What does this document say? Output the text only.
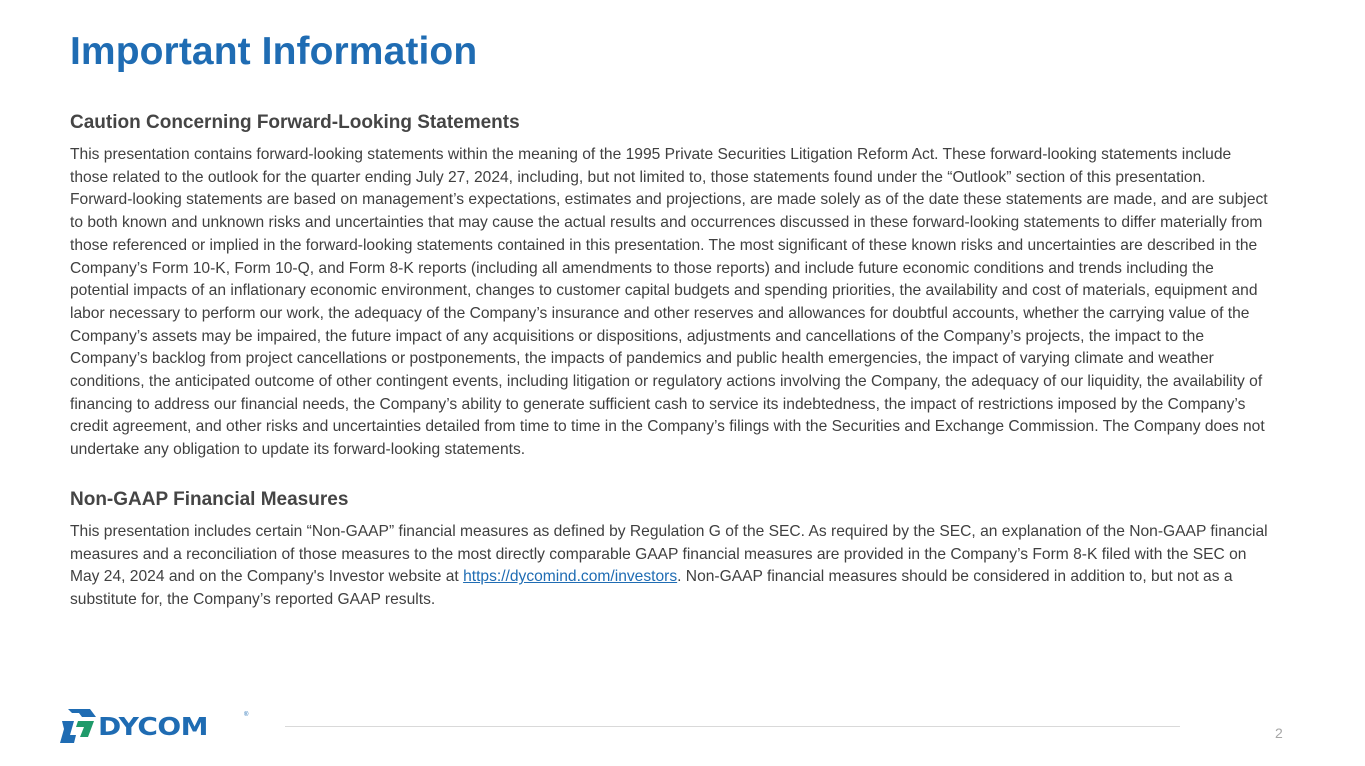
Important Information
Caution Concerning Forward-Looking Statements

This presentation contains forward-looking statements within the meaning of the 1995 Private Securities Litigation Reform Act. These forward-looking statements include those related to the outlook for the quarter ending July 27, 2024, including, but not limited to, those statements found under the “Outlook” section of this presentation. Forward-looking statements are based on management’s expectations, estimates and projections, are made solely as of the date these statements are made, and are subject to both known and unknown risks and uncertainties that may cause the actual results and occurrences discussed in these forward-looking statements to differ materially from those referenced or implied in the forward-looking statements contained in this presentation. The most significant of these known risks and uncertainties are described in the Company’s Form 10-K, Form 10-Q, and Form 8-K reports (including all amendments to those reports) and include future economic conditions and trends including the potential impacts of an inflationary economic environment, changes to customer capital budgets and spending priorities, the availability and cost of materials, equipment and labor necessary to perform our work, the adequacy of the Company’s insurance and other reserves and allowances for doubtful accounts, whether the carrying value of the Company’s assets may be impaired, the future impact of any acquisitions or dispositions, adjustments and cancellations of the Company’s projects, the impact to the Company’s backlog from project cancellations or postponements, the impacts of pandemics and public health emergencies, the impact of varying climate and weather conditions, the anticipated outcome of other contingent events, including litigation or regulatory actions involving the Company, the adequacy of our liquidity, the availability of financing to address our financial needs, the Company’s ability to generate sufficient cash to service its indebtedness, the impact of restrictions imposed by the Company’s credit agreement, and other risks and uncertainties detailed from time to time in the Company’s filings with the Securities and Exchange Commission. The Company does not undertake any obligation to update its forward-looking statements.

Non-GAAP Financial Measures

This presentation includes certain “Non-GAAP” financial measures as defined by Regulation G of the SEC. As required by the SEC, an explanation of the Non-GAAP financial measures and a reconciliation of those measures to the most directly comparable GAAP financial measures are provided in the Company’s Form 8-K filed with the SEC on May 24, 2024 and on the Company's Investor website at https://dycomind.com/investors. Non-GAAP financial measures should be considered in addition to, but not as a substitute for, the Company’s reported GAAP results.

DYCOM	®
2
